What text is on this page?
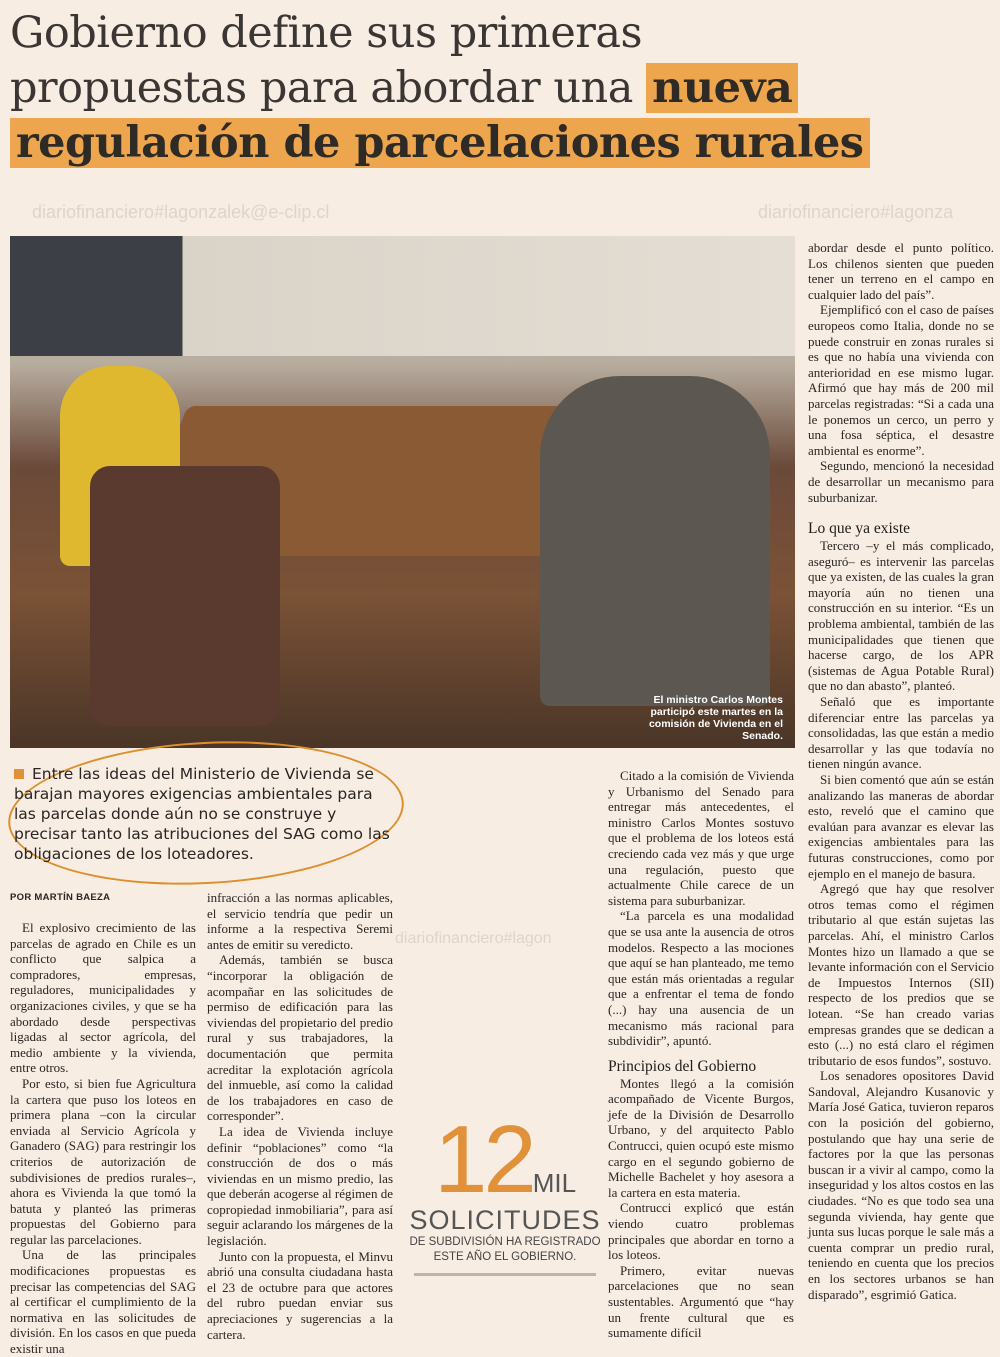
Gobierno define sus primeras
propuestas para abordar una nueva
regulación de parcelaciones rurales
diariofinanciero#lagonzalek@e-clip.cl	diariofinanciero#lagonza
diariofinanciero#lagon
El ministro Carlos Montes participó este martes en la comisión de Vivienda en el Senado.
Entre las ideas del Ministerio de Vivienda se barajan mayores exigencias ambientales para las parcelas donde aún no se construye y precisar tanto las atribuciones del SAG como las obligaciones de los loteadores.
POR MARTÍN BAEZA

El explosivo crecimiento de las parcelas de agrado en Chile es un conflicto que salpica a compradores, empresas, reguladores, municipalidades y organizaciones civiles, y que se ha abordado desde perspectivas ligadas al sector agrícola, del medio ambiente y la vivienda, entre otros.

Por esto, si bien fue Agricultura la cartera que puso los loteos en primera plana –con la circular enviada al Servicio Agrícola y Ganadero (SAG) para restringir los criterios de autorización de subdivisiones de predios rurales–, ahora es Vivienda la que tomó la batuta y planteó las primeras propuestas del Gobierno para regular las parcelaciones.

Una de las principales modificaciones propuestas es precisar las competencias del SAG al certificar el cumplimiento de la normativa en las solicitudes de división. En los casos en que pueda existir una

infracción a las normas aplicables, el servicio tendría que pedir un informe a la respectiva Seremi antes de emitir su veredicto.

Además, también se busca “incorporar la obligación de acompañar en las solicitudes de permiso de edificación para las viviendas del propietario del predio rural y sus trabajadores, la documentación que permita acreditar la explotación agrícola del inmueble, así como la calidad de los trabajadores en caso de corresponder”.

La idea de Vivienda incluye definir “poblaciones” como “la construcción de dos o más viviendas en un mismo predio, las que deberán acogerse al régimen de copropiedad inmobiliaria”, para así seguir aclarando los márgenes de la legislación.

Junto con la propuesta, el Minvu abrió una consulta ciudadana hasta el 23 de octubre para que actores del rubro puedan enviar sus apreciaciones y sugerencias a la cartera.

12MIL
SOLICITUDES
DE SUBDIVISIÓN HA REGISTRADO
ESTE AÑO EL GOBIERNO.

Citado a la comisión de Vivienda y Urbanismo del Senado para entregar más antecedentes, el ministro Carlos Montes sostuvo que el problema de los loteos está creciendo cada vez más y que urge una regulación, puesto que actualmente Chile carece de un sistema para suburbanizar.

“La parcela es una modalidad que se usa ante la ausencia de otros modelos. Respecto a las mociones que aquí se han planteado, me temo que están más orientadas a regular que a enfrentar el tema de fondo (...) hay una ausencia de un mecanismo más racional para subdividir”, apuntó.

Principios del Gobierno

Montes llegó a la comisión acompañado de Vicente Burgos, jefe de la División de Desarrollo Urbano, y del arquitecto Pablo Contrucci, quien ocupó este mismo cargo en el segundo gobierno de Michelle Bachelet y hoy asesora a la cartera en esta materia.

Contrucci explicó que están viendo cuatro problemas principales que abordar en torno a los loteos.

Primero, evitar nuevas parcelaciones que no sean sustentables. Argumentó que “hay un frente cultural que es sumamente difícil

abordar desde el punto político. Los chilenos sienten que pueden tener un terreno en el campo en cualquier lado del país”.

Ejemplificó con el caso de países europeos como Italia, donde no se puede construir en zonas rurales si es que no había una vivienda con anterioridad en ese mismo lugar. Afirmó que hay más de 200 mil parcelas registradas: “Si a cada una le ponemos un cerco, un perro y una fosa séptica, el desastre ambiental es enorme”.

Segundo, mencionó la necesidad de desarrollar un mecanismo para suburbanizar.

Lo que ya existe

Tercero –y el más complicado, aseguró– es intervenir las parcelas que ya existen, de las cuales la gran mayoría aún no tienen una construcción en su interior. “Es un problema ambiental, también de las municipalidades que tienen que hacerse cargo, de los APR (sistemas de Agua Potable Rural) que no dan abasto”, planteó.

Señaló que es importante diferenciar entre las parcelas ya consolidadas, las que están a medio desarrollar y las que todavía no tienen ningún avance.

Si bien comentó que aún se están analizando las maneras de abordar esto, reveló que el camino que evalúan para avanzar es elevar las exigencias ambientales para las futuras construcciones, como por ejemplo en el manejo de basura.

Agregó que hay que resolver otros temas como el régimen tributario al que están sujetas las parcelas. Ahí, el ministro Carlos Montes hizo un llamado a que se levante información con el Servicio de Impuestos Internos (SII) respecto de los predios que se lotean. “Se han creado varias empresas grandes que se dedican a esto (...) no está claro el régimen tributario de esos fundos”, sostuvo.

Los senadores opositores David Sandoval, Alejandro Kusanovic y María José Gatica, tuvieron reparos con la posición del gobierno, postulando que hay una serie de factores por la que las personas buscan ir a vivir al campo, como la inseguridad y los altos costos en las ciudades. “No es que todo sea una segunda vivienda, hay gente que junta sus lucas porque le sale más a cuenta comprar un predio rural, teniendo en cuenta que los precios en los sectores urbanos se han disparado”, esgrimió Gatica.
